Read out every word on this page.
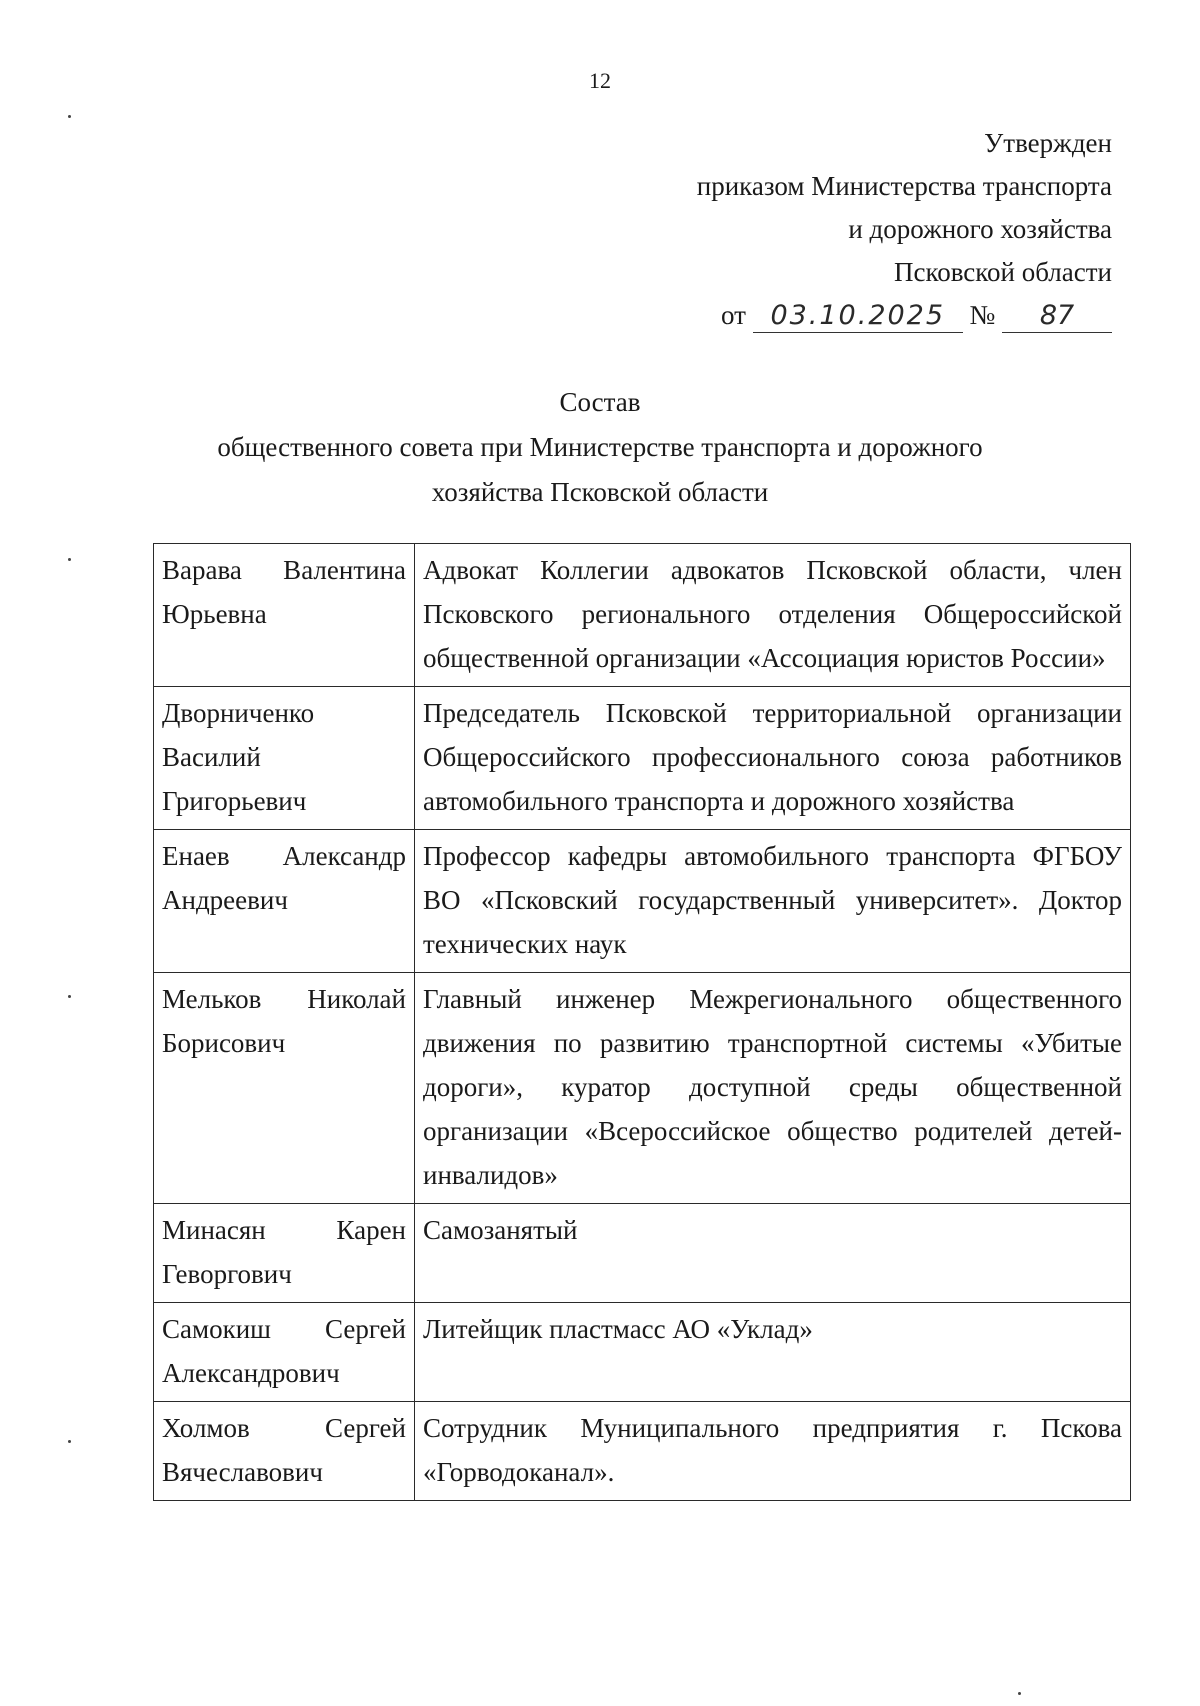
12
Утвержден
приказом Министерства транспорта
и дорожного хозяйства
Псковской области
от 03.10.2025 № 87
Состав
общественного совета при Министерстве транспорта и дорожного
хозяйства Псковской области
Варава Валентина Юрьевна	Адвокат Коллегии адвокатов Псковской области, член Псковского регионального отделения Общероссийской общественной организации «Ассоциация юристов России»
Дворниченко Василий Григорьевич	Председатель Псковской территориальной организации Общероссийского профессионального союза работников автомобильного транспорта и дорожного хозяйства
Енаев Александр Андреевич	Профессор кафедры автомобильного транспорта ФГБОУ ВО «Псковский государственный университет». Доктор технических наук
Мельков Николай Борисович	Главный инженер Межрегионального общественного движения по развитию транспортной системы «Убитые дороги», куратор доступной среды общественной организации «Всероссийское общество родителей детей-инвалидов»
Минасян Карен Геворгович	Самозанятый
Самокиш Сергей Александрович	Литейщик пластмасс АО «Уклад»
Холмов Сергей Вячеславович	Сотрудник Муниципального предприятия г. Пскова «Горводоканал».
